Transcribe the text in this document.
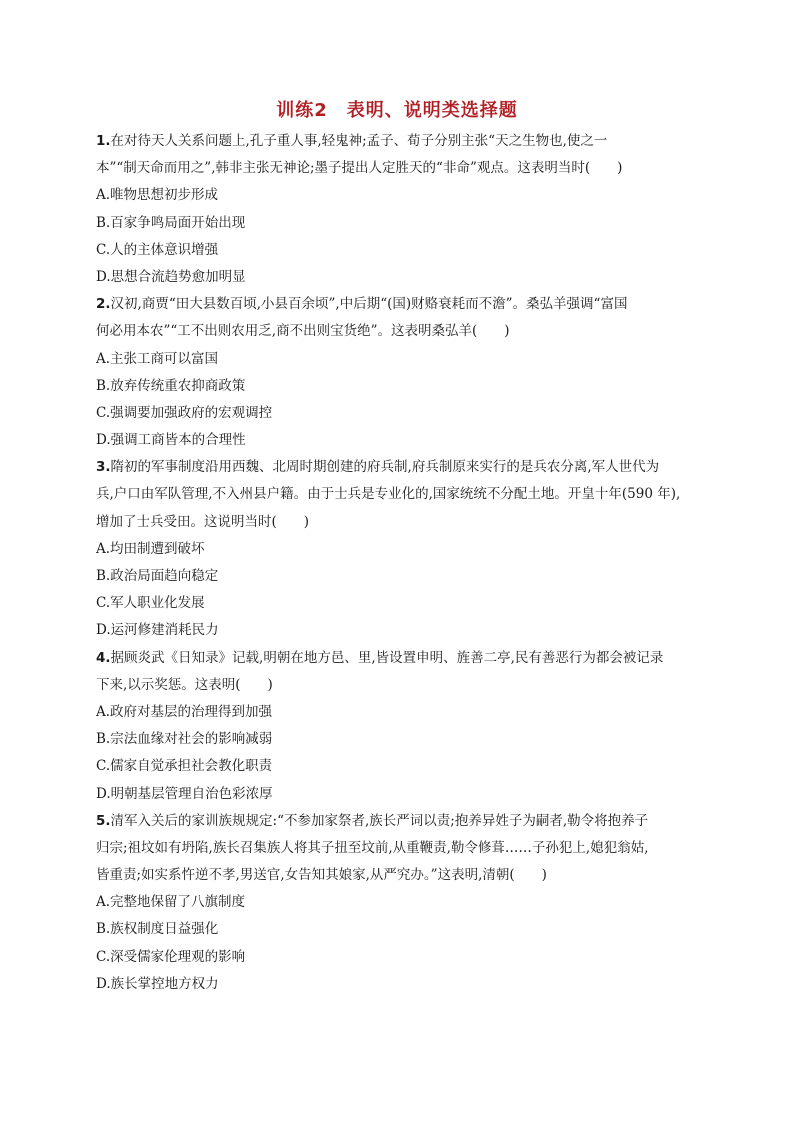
训练2　表明、说明类选择题
1.在对待天人关系问题上,孔子重人事,轻鬼神;孟子、荀子分别主张“天之生物也,使之一
本”“制天命而用之”,韩非主张无神论;墨子提出人定胜天的“非命”观点。这表明当时(　　)
A.唯物思想初步形成
B.百家争鸣局面开始出现
C.人的主体意识增强
D.思想合流趋势愈加明显
2.汉初,商贾“田大县数百顷,小县百余顷”,中后期“(国)财赂衰耗而不澹”。桑弘羊强调“富国
何必用本农”“工不出则农用乏,商不出则宝货绝”。这表明桑弘羊(　　)
A.主张工商可以富国
B.放弃传统重农抑商政策
C.强调要加强政府的宏观调控
D.强调工商皆本的合理性
3.隋初的军事制度沿用西魏、北周时期创建的府兵制,府兵制原来实行的是兵农分离,军人世代为
兵,户口由军队管理,不入州县户籍。由于士兵是专业化的,国家统统不分配土地。开皇十年(590 年),
增加了士兵受田。这说明当时(　　)
A.均田制遭到破坏
B.政治局面趋向稳定
C.军人职业化发展
D.运河修建消耗民力
4.据顾炎武《日知录》记载,明朝在地方邑、里,皆设置申明、旌善二亭,民有善恶行为都会被记录
下来,以示奖惩。这表明(　　)
A.政府对基层的治理得到加强
B.宗法血缘对社会的影响减弱
C.儒家自觉承担社会教化职责
D.明朝基层管理自治色彩浓厚
5.清军入关后的家训族规规定:“不参加家祭者,族长严词以责;抱养异姓子为嗣者,勒令将抱养子
归宗;祖坟如有坍陷,族长召集族人将其子扭至坟前,从重鞭责,勒令修葺……子孙犯上,媳犯翁姑,
皆重责;如实系忤逆不孝,男送官,女告知其娘家,从严究办。”这表明,清朝(　　)
A.完整地保留了八旗制度
B.族权制度日益强化
C.深受儒家伦理观的影响
D.族长掌控地方权力
